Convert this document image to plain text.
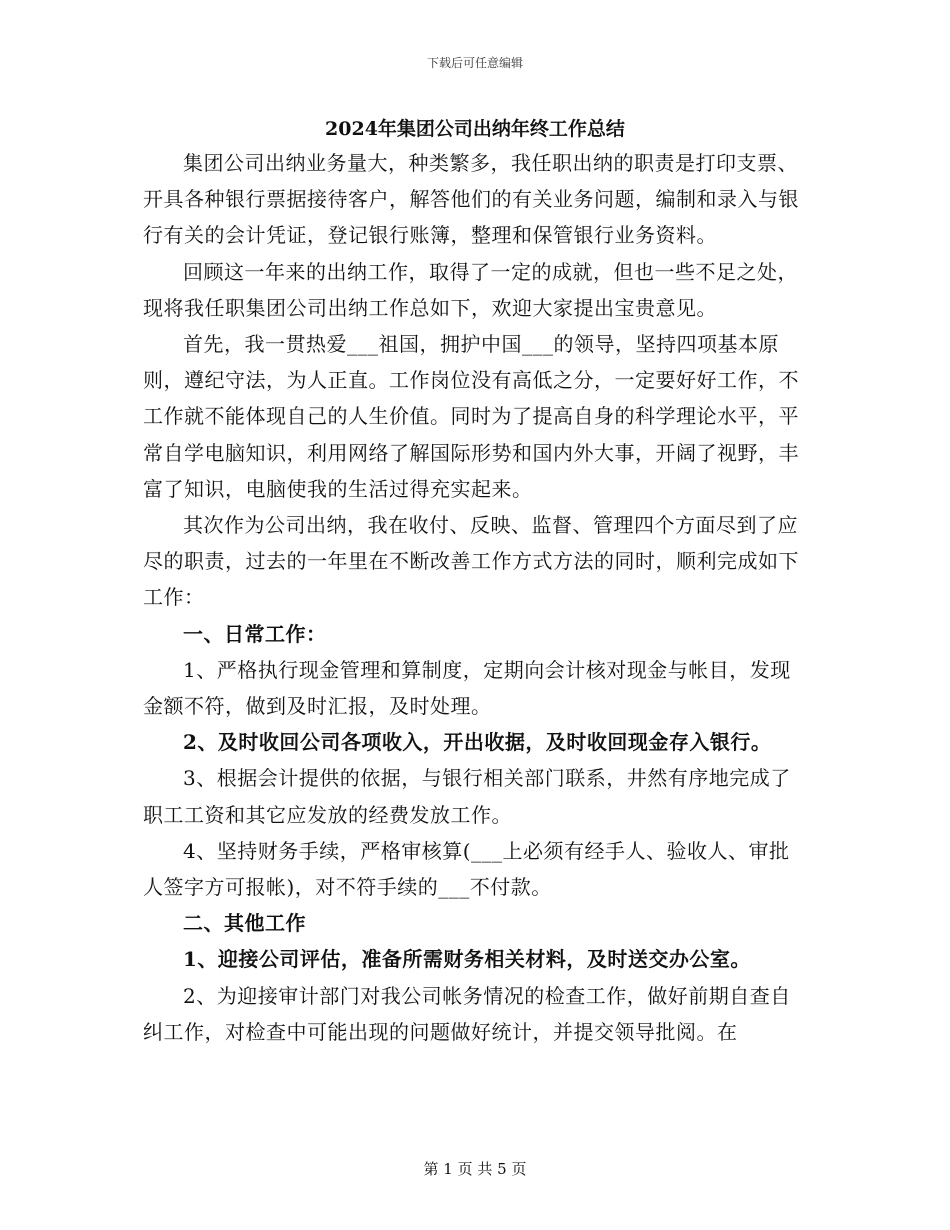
下载后可任意编辑
2024年集团公司出纳年终工作总结

集团公司出纳业务量大，种类繁多，我任职出纳的职责是打印支票、开具各种银行票据接待客户，解答他们的有关业务问题，编制和录入与银行有关的会计凭证，登记银行账簿，整理和保管银行业务资料。

回顾这一年来的出纳工作，取得了一定的成就，但也一些不足之处，现将我任职集团公司出纳工作总如下，欢迎大家提出宝贵意见。

首先，我一贯热爱___祖国，拥护中国___的领导，坚持四项基本原则，遵纪守法，为人正直。工作岗位没有高低之分，一定要好好工作，不工作就不能体现自己的人生价值。同时为了提高自身的科学理论水平，平常自学电脑知识，利用网络了解国际形势和国内外大事，开阔了视野，丰富了知识，电脑使我的生活过得充实起来。

其次作为公司出纳，我在收付、反映、监督、管理四个方面尽到了应尽的职责，过去的一年里在不断改善工作方式方法的同时，顺利完成如下工作：

一、日常工作：

1、严格执行现金管理和算制度，定期向会计核对现金与帐目，发现金额不符，做到及时汇报，及时处理。

2、及时收回公司各项收入，开出收据，及时收回现金存入银行。

3、根据会计提供的依据，与银行相关部门联系，井然有序地完成了职工工资和其它应发放的经费发放工作。

4、坚持财务手续，严格审核算(___上必须有经手人、验收人、审批人签字方可报帐)，对不符手续的___不付款。

二、其他工作

1、迎接公司评估，准备所需财务相关材料，及时送交办公室。

2、为迎接审计部门对我公司帐务情况的检查工作，做好前期自查自纠工作，对检查中可能出现的问题做好统计，并提交领导批阅。在

第 1 页 共 5 页
